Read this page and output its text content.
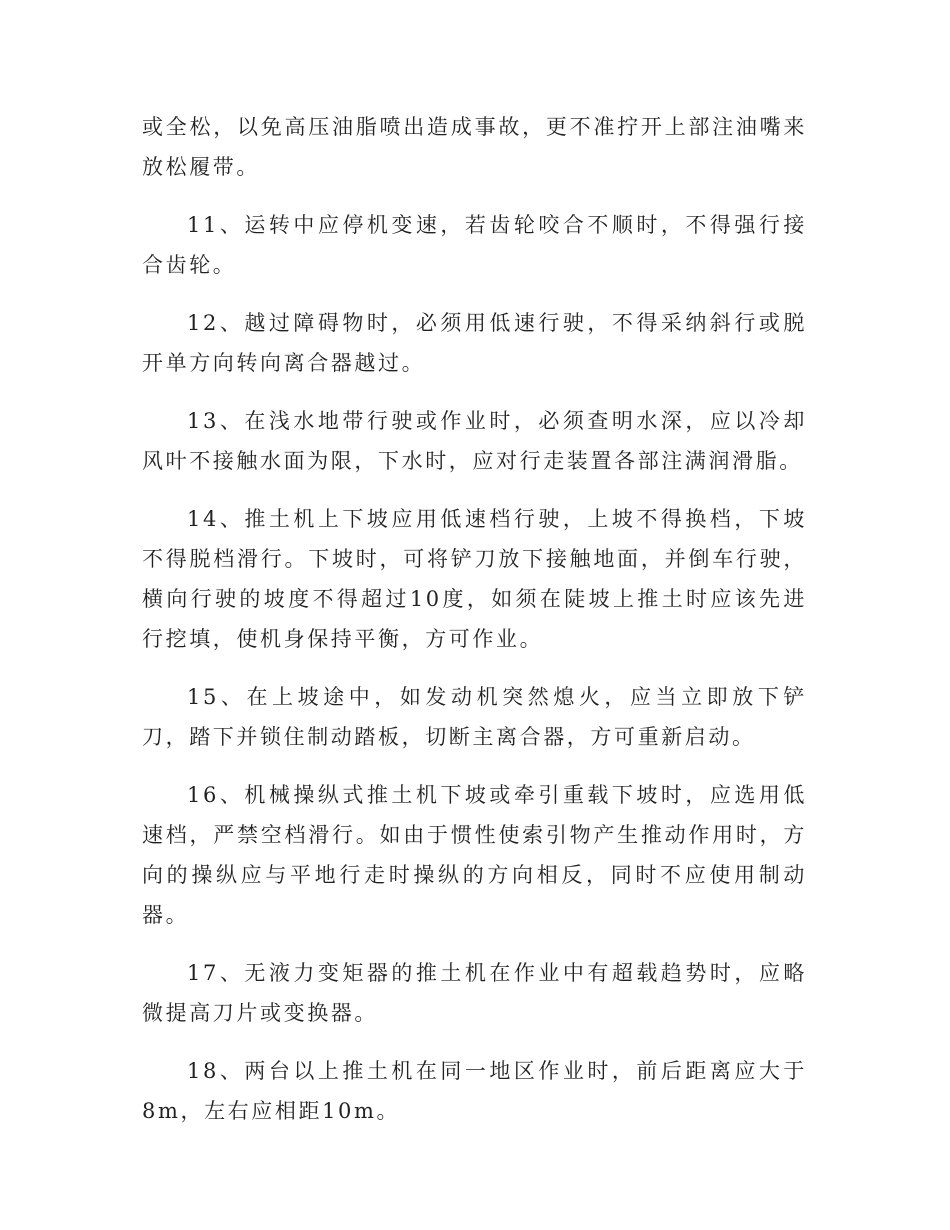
或全松，以免高压油脂喷出造成事故，更不准拧开上部注油嘴来放松履带。

11、运转中应停机变速，若齿轮咬合不顺时，不得强行接合齿轮。

12、越过障碍物时，必须用低速行驶，不得采纳斜行或脱开单方向转向离合器越过。

13、在浅水地带行驶或作业时，必须查明水深，应以冷却风叶不接触水面为限，下水时，应对行走装置各部注满润滑脂。

14、推土机上下坡应用低速档行驶，上坡不得换档，下坡不得脱档滑行。下坡时，可将铲刀放下接触地面，并倒车行驶，横向行驶的坡度不得超过10度，如须在陡坡上推土时应该先进行挖填，使机身保持平衡，方可作业。

15、在上坡途中，如发动机突然熄火，应当立即放下铲刀，踏下并锁住制动踏板，切断主离合器，方可重新启动。

16、机械操纵式推土机下坡或牵引重载下坡时，应选用低速档，严禁空档滑行。如由于惯性使索引物产生推动作用时，方向的操纵应与平地行走时操纵的方向相反，同时不应使用制动器。

17、无液力变矩器的推土机在作业中有超载趋势时，应略微提高刀片或变换器。

18、两台以上推土机在同一地区作业时，前后距离应大于8m，左右应相距10m。
